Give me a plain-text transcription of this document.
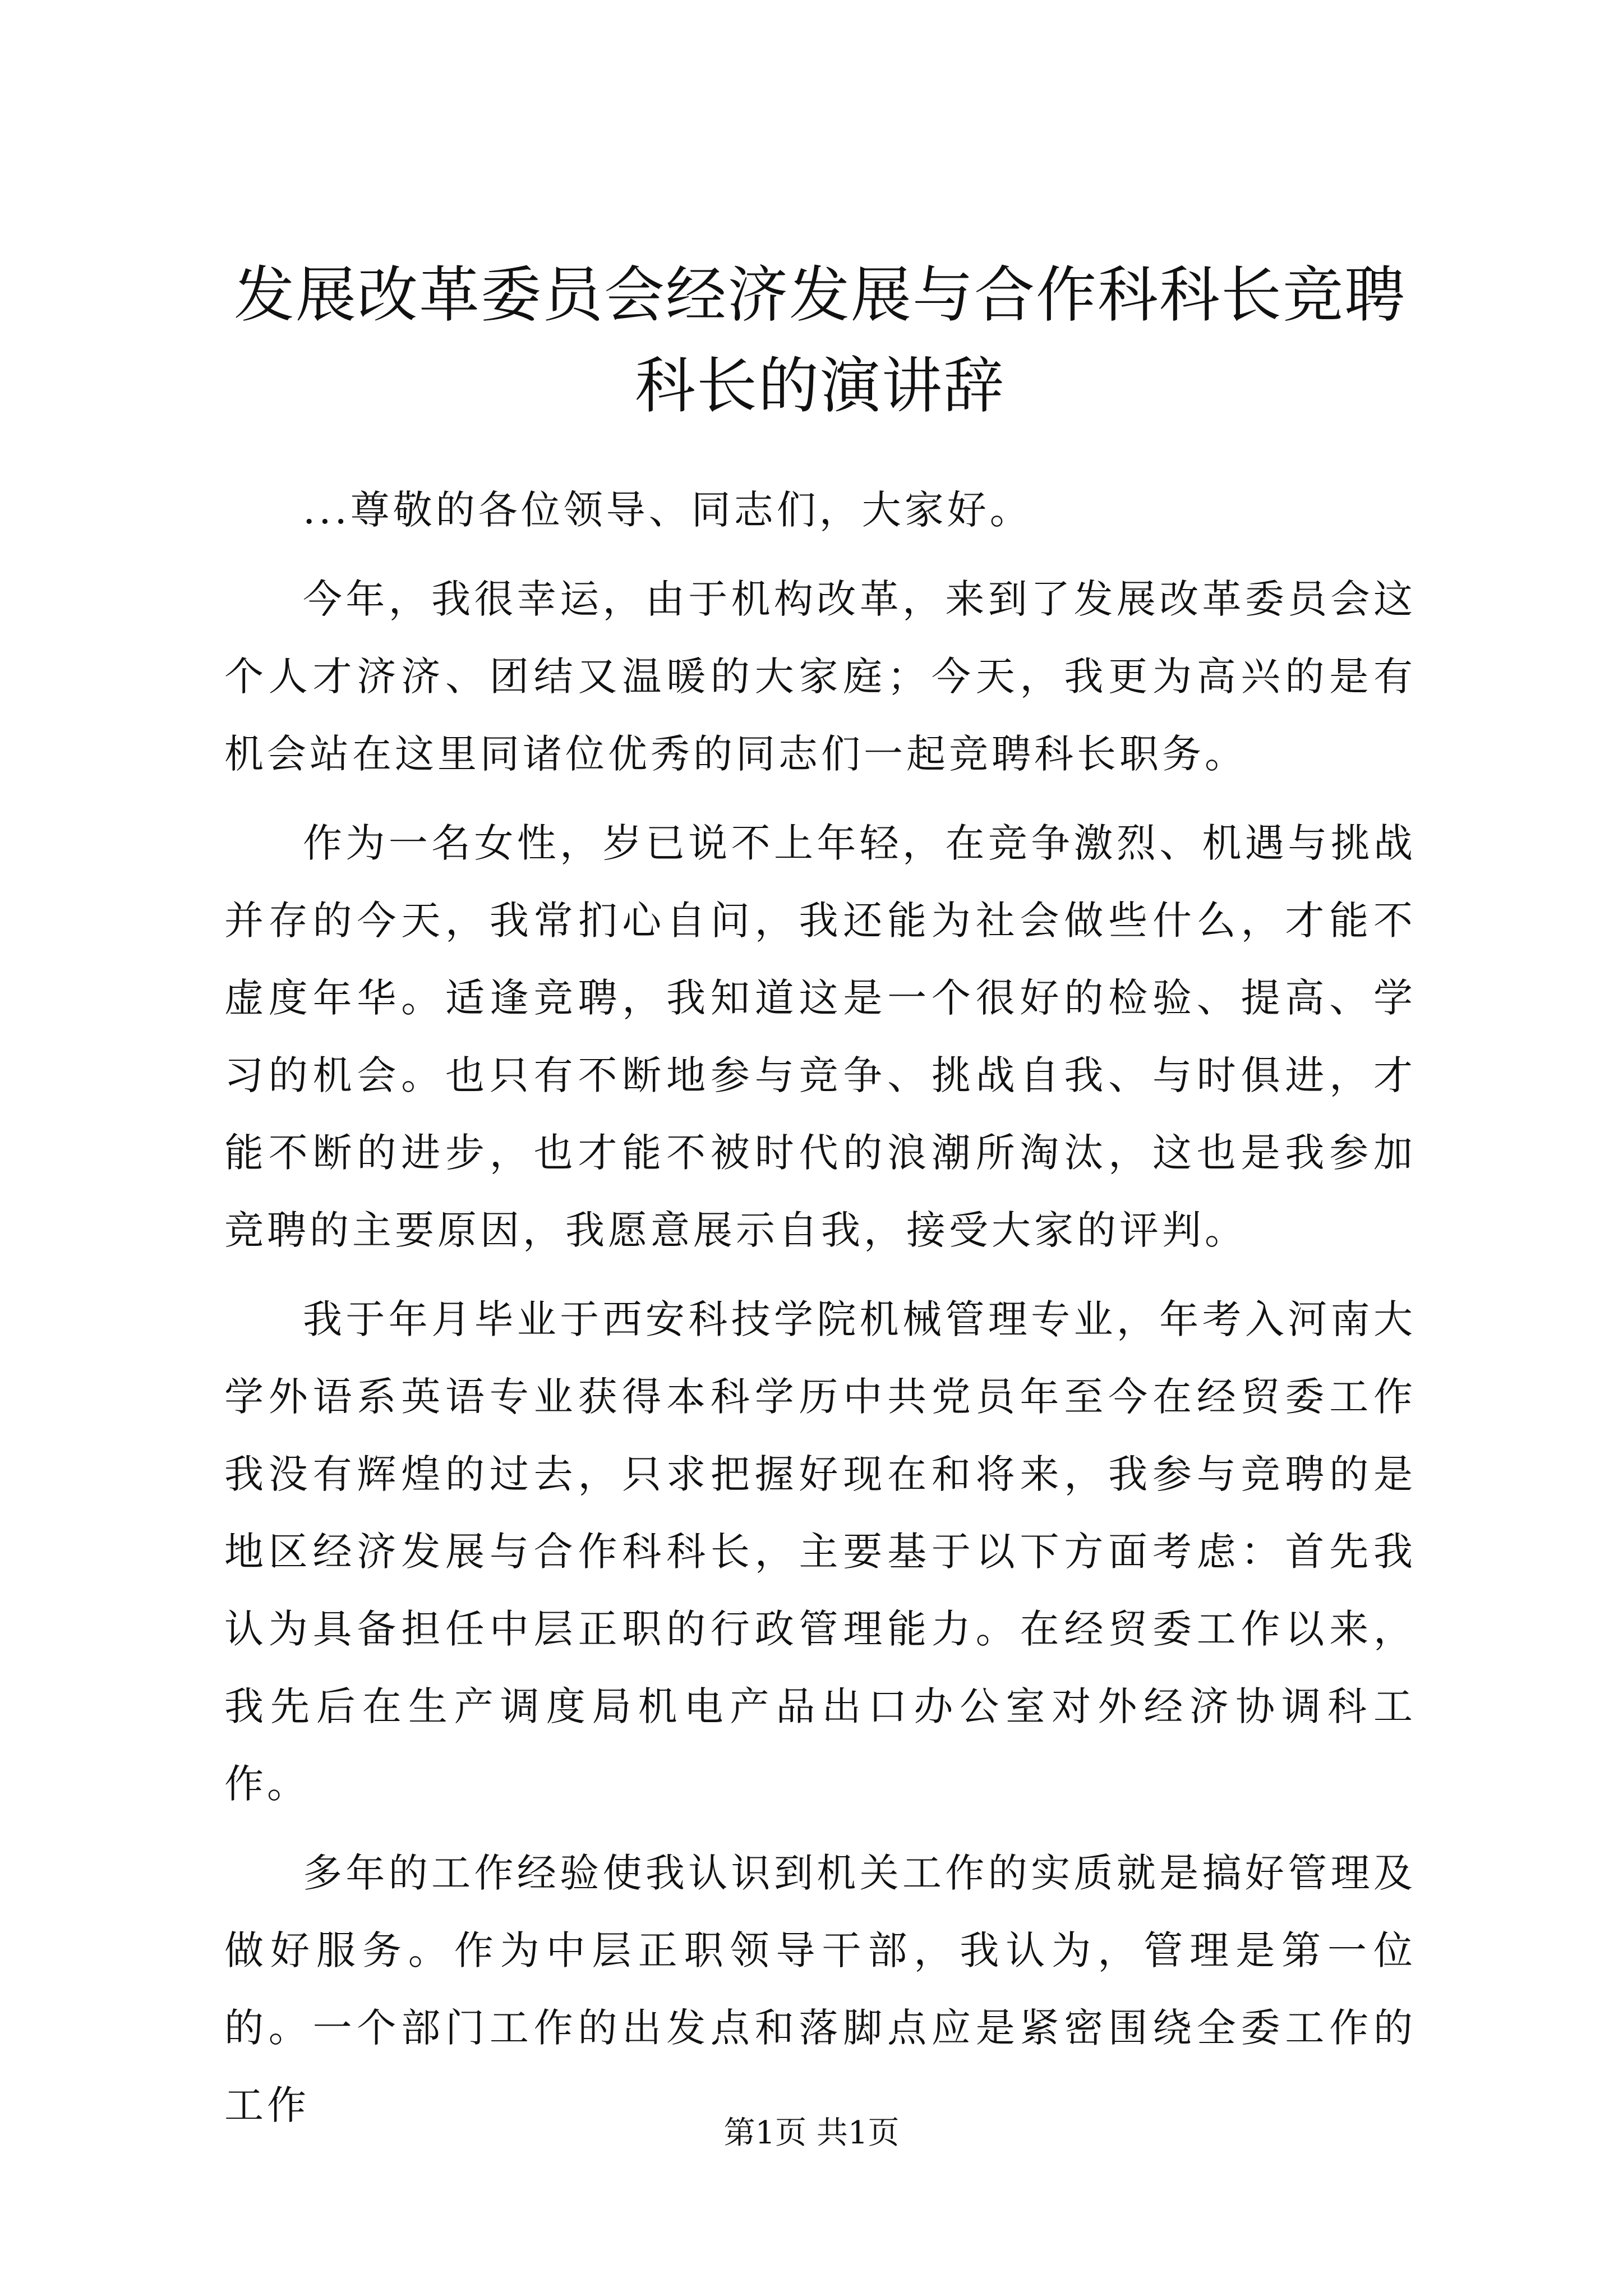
发展改革委员会经济发展与合作科科长竞聘科长的演讲辞

...尊敬的各位领导、同志们，大家好。

今年，我很幸运，由于机构改革，来到了发展改革委员会这个人才济济、团结又温暖的大家庭；今天，我更为高兴的是有机会站在这里同诸位优秀的同志们一起竞聘科长职务。

作为一名女性，岁已说不上年轻，在竞争激烈、机遇与挑战并存的今天，我常扪心自问，我还能为社会做些什么，才能不虚度年华。适逢竞聘，我知道这是一个很好的检验、提高、学习的机会。也只有不断地参与竞争、挑战自我、与时俱进，才能不断的进步，也才能不被时代的浪潮所淘汰，这也是我参加竞聘的主要原因，我愿意展示自我，接受大家的评判。

我于年月毕业于西安科技学院机械管理专业，年考入河南大学外语系英语专业获得本科学历中共党员年至今在经贸委工作我没有辉煌的过去，只求把握好现在和将来，我参与竞聘的是地区经济发展与合作科科长，主要基于以下方面考虑：首先我认为具备担任中层正职的行政管理能力。在经贸委工作以来，我先后在生产调度局机电产品出口办公室对外经济协调科工作。

多年的工作经验使我认识到机关工作的实质就是搞好管理及做好服务。作为中层正职领导干部，我认为，管理是第一位的。一个部门工作的出发点和落脚点应是紧密围绕全委工作的工作

第1页 共1页
